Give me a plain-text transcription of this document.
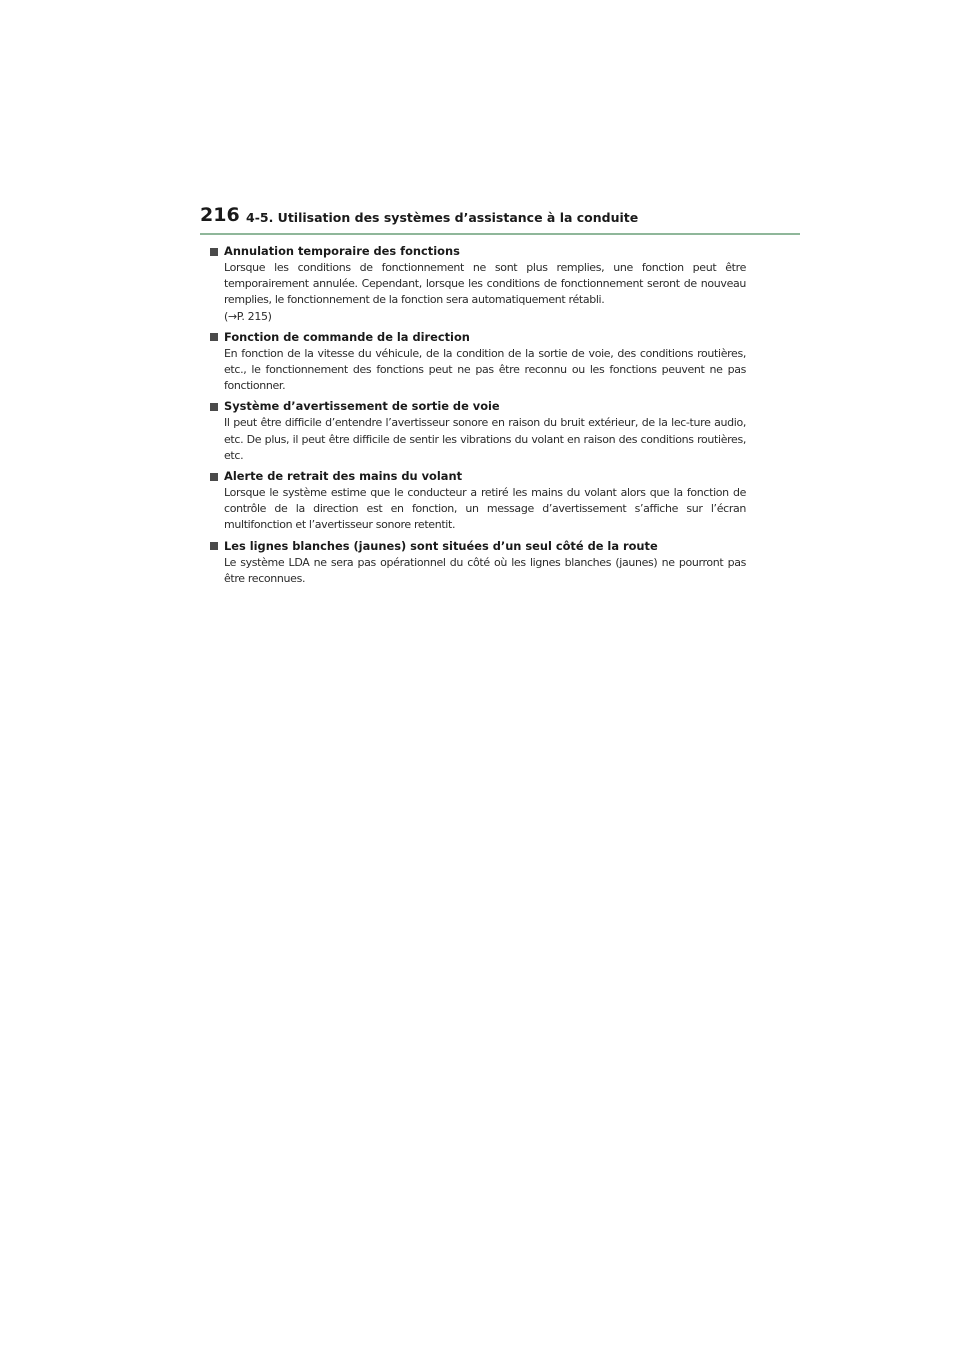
216 4-5. Utilisation des systèmes d’assistance à la conduite
Annulation temporaire des fonctions
Lorsque les conditions de fonctionnement ne sont plus remplies, une fonction peut être temporairement annulée. Cependant, lorsque les conditions de fonctionnement seront de nouveau remplies, le fonctionnement de la fonction sera automatiquement rétabli.
(→P. 215)
Fonction de commande de la direction
En fonction de la vitesse du véhicule, de la condition de la sortie de voie, des conditions routières, etc., le fonctionnement des fonctions peut ne pas être reconnu ou les fonctions peuvent ne pas fonctionner.
Système d’avertissement de sortie de voie
Il peut être difficile d’entendre l’avertisseur sonore en raison du bruit extérieur, de la lec-ture audio, etc. De plus, il peut être difficile de sentir les vibrations du volant en raison des conditions routières, etc.
Alerte de retrait des mains du volant
Lorsque le système estime que le conducteur a retiré les mains du volant alors que la fonction de contrôle de la direction est en fonction, un message d’avertissement s’affiche sur l’écran multifonction et l’avertisseur sonore retentit.
Les lignes blanches (jaunes) sont situées d’un seul côté de la route
Le système LDA ne sera pas opérationnel du côté où les lignes blanches (jaunes) ne pourront pas être reconnues.
